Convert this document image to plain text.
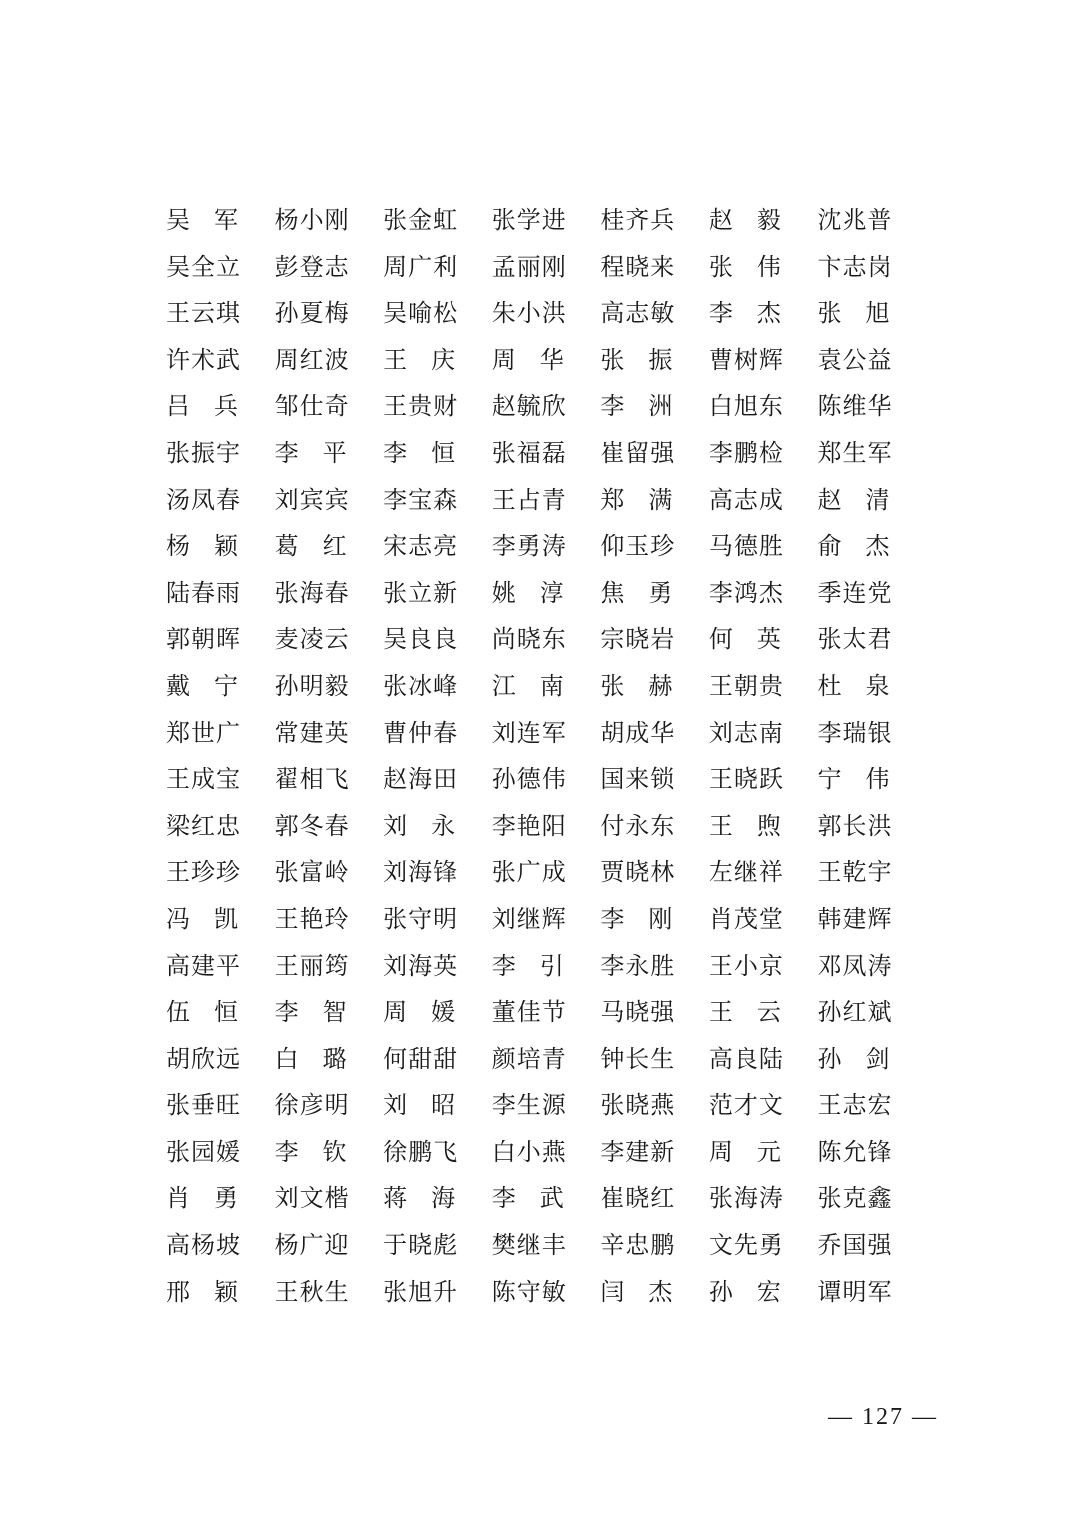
吴 军	杨小刚	张金虹	张学进	桂齐兵	赵 毅	沈兆普
吴全立	彭登志	周广利	孟丽刚	程晓来	张 伟	卞志岗
王云琪	孙夏梅	吴喻松	朱小洪	高志敏	李 杰	张 旭
许术武	周红波	王 庆	周 华	张 振	曹树辉	袁公益
吕 兵	邹仕奇	王贵财	赵毓欣	李 洲	白旭东	陈维华
张振宇	李 平	李 恒	张福磊	崔留强	李鹏检	郑生军
汤凤春	刘宾宾	李宝森	王占青	郑 满	高志成	赵 清
杨 颖	葛 红	宋志亮	李勇涛	仰玉珍	马德胜	俞 杰
陆春雨	张海春	张立新	姚 淳	焦 勇	李鸿杰	季连党
郭朝晖	麦凌云	吴良良	尚晓东	宗晓岩	何 英	张太君
戴 宁	孙明毅	张冰峰	江 南	张 赫	王朝贵	杜 泉
郑世广	常建英	曹仲春	刘连军	胡成华	刘志南	李瑞银
王成宝	翟相飞	赵海田	孙德伟	国来锁	王晓跃	宁 伟
梁红忠	郭冬春	刘 永	李艳阳	付永东	王 煦	郭长洪
王珍珍	张富岭	刘海锋	张广成	贾晓林	左继祥	王乾宇
冯 凯	王艳玲	张守明	刘继辉	李 刚	肖茂堂	韩建辉
高建平	王丽筠	刘海英	李 引	李永胜	王小京	邓凤涛
伍 恒	李 智	周 媛	董佳节	马晓强	王 云	孙红斌
胡欣远	白 璐	何甜甜	颜培青	钟长生	高良陆	孙 剑
张垂旺	徐彦明	刘 昭	李生源	张晓燕	范才文	王志宏
张园媛	李 钦	徐鹏飞	白小燕	李建新	周 元	陈允锋
肖 勇	刘文楷	蒋 海	李 武	崔晓红	张海涛	张克鑫
高杨坡	杨广迎	于晓彪	樊继丰	辛忠鹏	文先勇	乔国强
邢 颖	王秋生	张旭升	陈守敏	闫 杰	孙 宏	谭明军
— 127 —
